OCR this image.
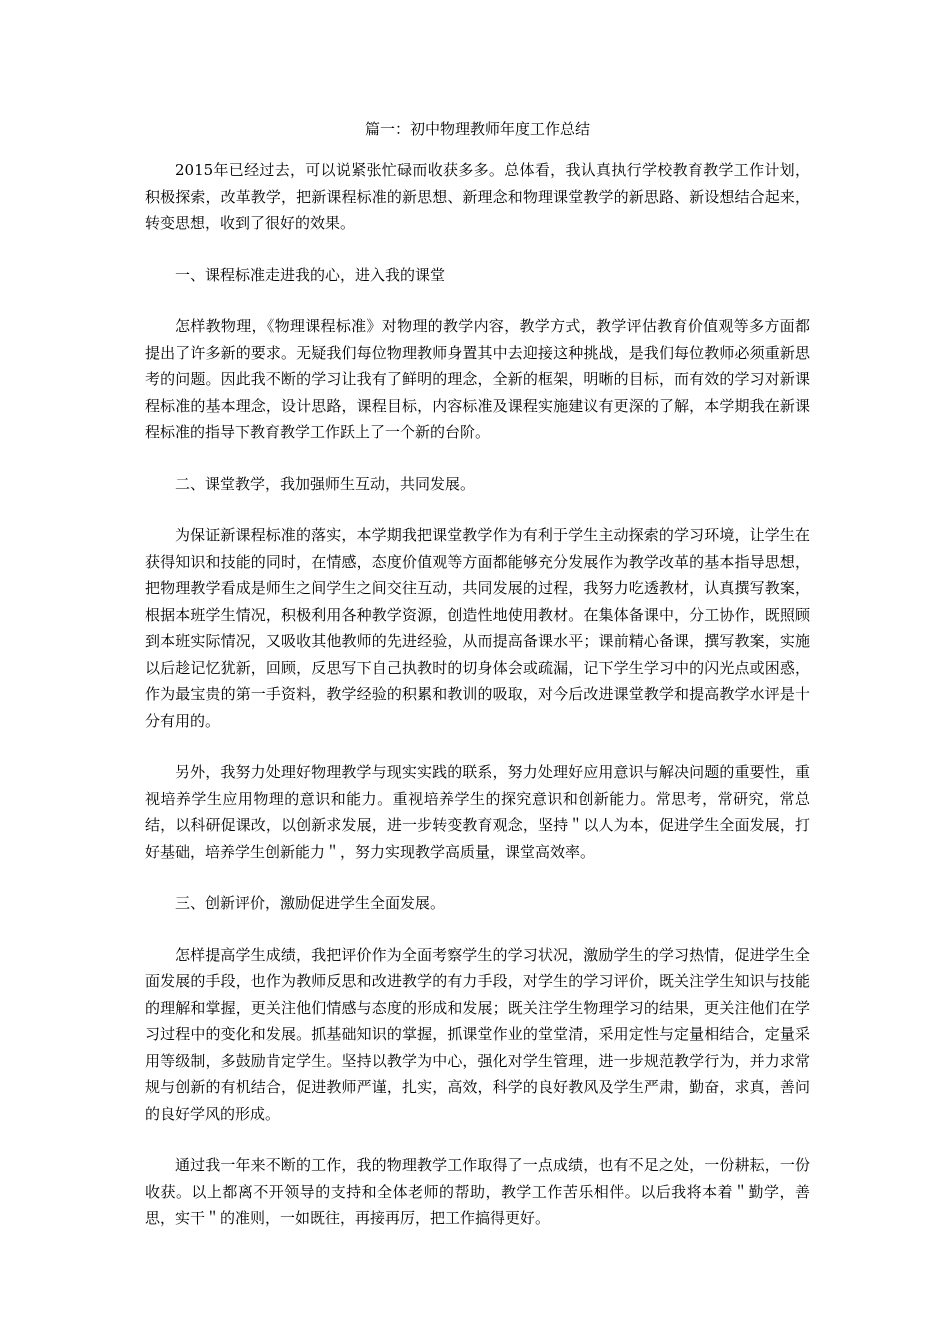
篇一：初中物理教师年度工作总结

2015年已经过去，可以说紧张忙碌而收获多多。总体看，我认真执行学校教育教学工作计划，积极探索，改革教学，把新课程标准的新思想、新理念和物理课堂教学的新思路、新设想结合起来，转变思想，收到了很好的效果。

一、课程标准走进我的心，进入我的课堂

怎样教物理，《物理课程标准》对物理的教学内容，教学方式，教学评估教育价值观等多方面都提出了许多新的要求。无疑我们每位物理教师身置其中去迎接这种挑战，是我们每位教师必须重新思考的问题。因此我不断的学习让我有了鲜明的理念，全新的框架，明晰的目标，而有效的学习对新课程标准的基本理念，设计思路，课程目标，内容标准及课程实施建议有更深的了解，本学期我在新课程标准的指导下教育教学工作跃上了一个新的台阶。

二、课堂教学，我加强师生互动，共同发展。

为保证新课程标准的落实，本学期我把课堂教学作为有利于学生主动探索的学习环境，让学生在获得知识和技能的同时，在情感，态度价值观等方面都能够充分发展作为教学改革的基本指导思想，把物理教学看成是师生之间学生之间交往互动，共同发展的过程，我努力吃透教材，认真撰写教案，根据本班学生情况，积极利用各种教学资源，创造性地使用教材。在集体备课中，分工协作，既照顾到本班实际情况，又吸收其他教师的先进经验，从而提高备课水平；课前精心备课，撰写教案，实施以后趁记忆犹新，回顾，反思写下自己执教时的切身体会或疏漏，记下学生学习中的闪光点或困惑，作为最宝贵的第一手资料，教学经验的积累和教训的吸取，对今后改进课堂教学和提高教学水评是十分有用的。

另外，我努力处理好物理教学与现实实践的联系，努力处理好应用意识与解决问题的重要性，重视培养学生应用物理的意识和能力。重视培养学生的探究意识和创新能力。常思考，常研究，常总结，以科研促课改，以创新求发展，进一步转变教育观念，坚持＂以人为本，促进学生全面发展，打好基础，培养学生创新能力＂，努力实现教学高质量，课堂高效率。

三、创新评价，激励促进学生全面发展。

怎样提高学生成绩，我把评价作为全面考察学生的学习状况，激励学生的学习热情，促进学生全面发展的手段，也作为教师反思和改进教学的有力手段，对学生的学习评价，既关注学生知识与技能的理解和掌握，更关注他们情感与态度的形成和发展；既关注学生物理学习的结果，更关注他们在学习过程中的变化和发展。抓基础知识的掌握，抓课堂作业的堂堂清，采用定性与定量相结合，定量采用等级制，多鼓励肯定学生。坚持以教学为中心，强化对学生管理，进一步规范教学行为，并力求常规与创新的有机结合，促进教师严谨，扎实，高效，科学的良好教风及学生严肃，勤奋，求真，善问的良好学风的形成。

通过我一年来不断的工作，我的物理教学工作取得了一点成绩，也有不足之处，一份耕耘，一份收获。以上都离不开领导的支持和全体老师的帮助，教学工作苦乐相伴。以后我将本着＂勤学，善思，实干＂的准则，一如既往，再接再厉，把工作搞得更好。
